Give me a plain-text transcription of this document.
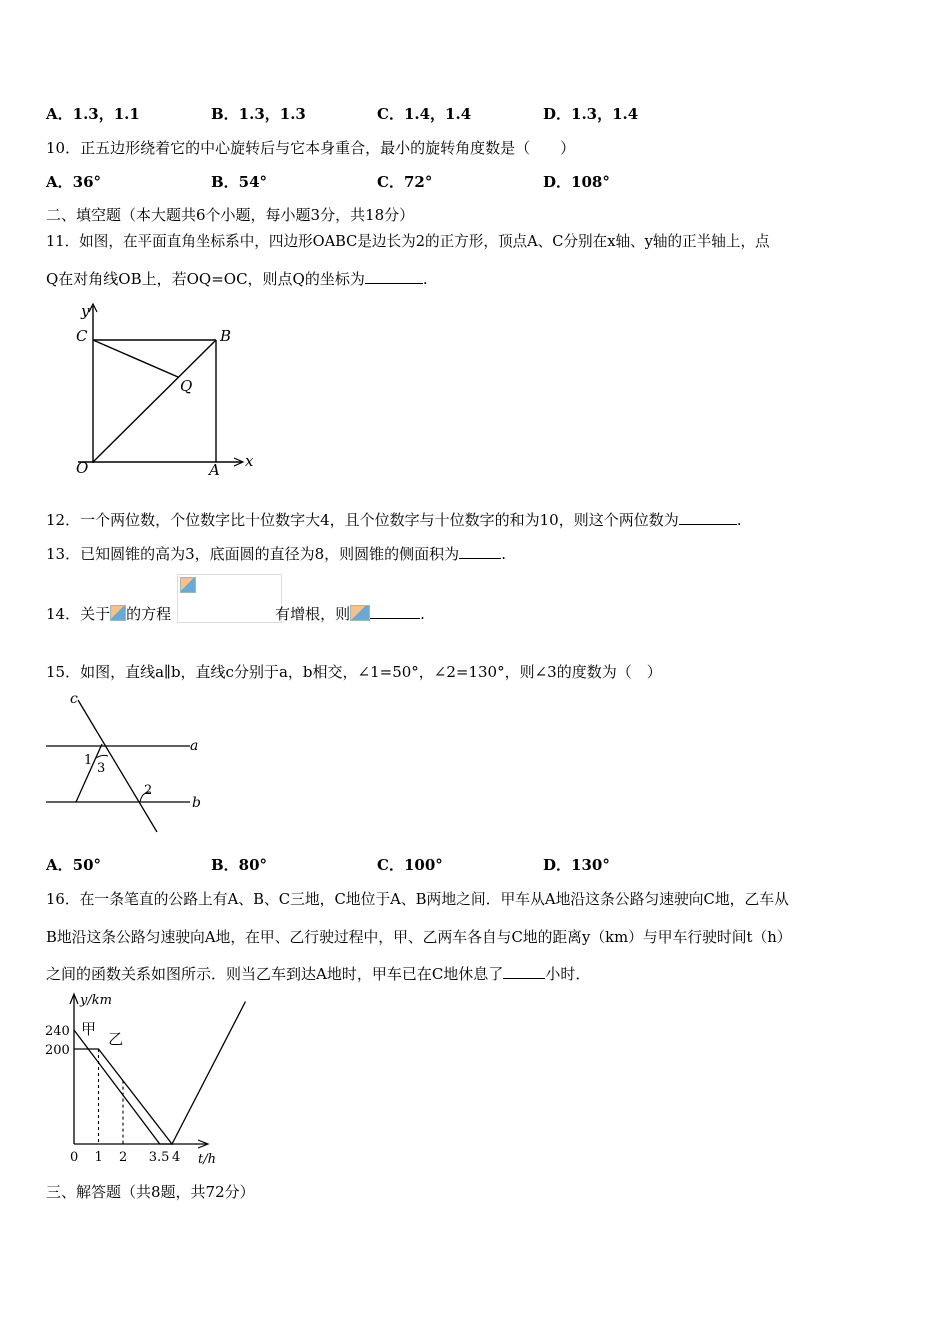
A．1.3，1.1	B．1.3，1.3	C．1.4，1.4	D．1.3，1.4
10．正五边形绕着它的中心旋转后与它本身重合，最小的旋转角度数是（　　）
A．36°	B．54°	C．72°	D．108°
二、填空题（本大题共6个小题，每小题3分，共18分）
11．如图，在平面直角坐标系中，四边形OABC是边长为2的正方形，顶点A、C分别在x轴、y轴的正半轴上，点
Q在对角线OB上，若OQ=OC，则点Q的坐标为	.
y
x
C	B
Q
O	A
12．一个两位数，个位数字比十位数字大4，且个位数字与十位数字的和为10，则这个两位数为	.
13．已知圆锥的高为3，底面圆的直径为8，则圆锥的侧面积为	.
14．关于 的方程	有增根，则	.
15．如图，直线a∥b，直线c分别于a，b相交，∠1=50°，∠2=130°，则∠3的度数为（　）
c
a
b
1
3
2
A．50°	B．80°	C．100°	D．130°
16．在一条笔直的公路上有A、B、C三地，C地位于A、B两地之间．甲车从A地沿这条公路匀速驶向C地，乙车从
B地沿这条公路匀速驶向A地，在甲、乙行驶过程中，甲、乙两车各自与C地的距离y（km）与甲车行驶时间t（h）
之间的函数关系如图所示．则当乙车到达A地时，甲车已在C地休息了	小时．
y/km
t/h
240
200
0 1 2 3.5 4
甲
乙
三、解答题（共8题，共72分）
